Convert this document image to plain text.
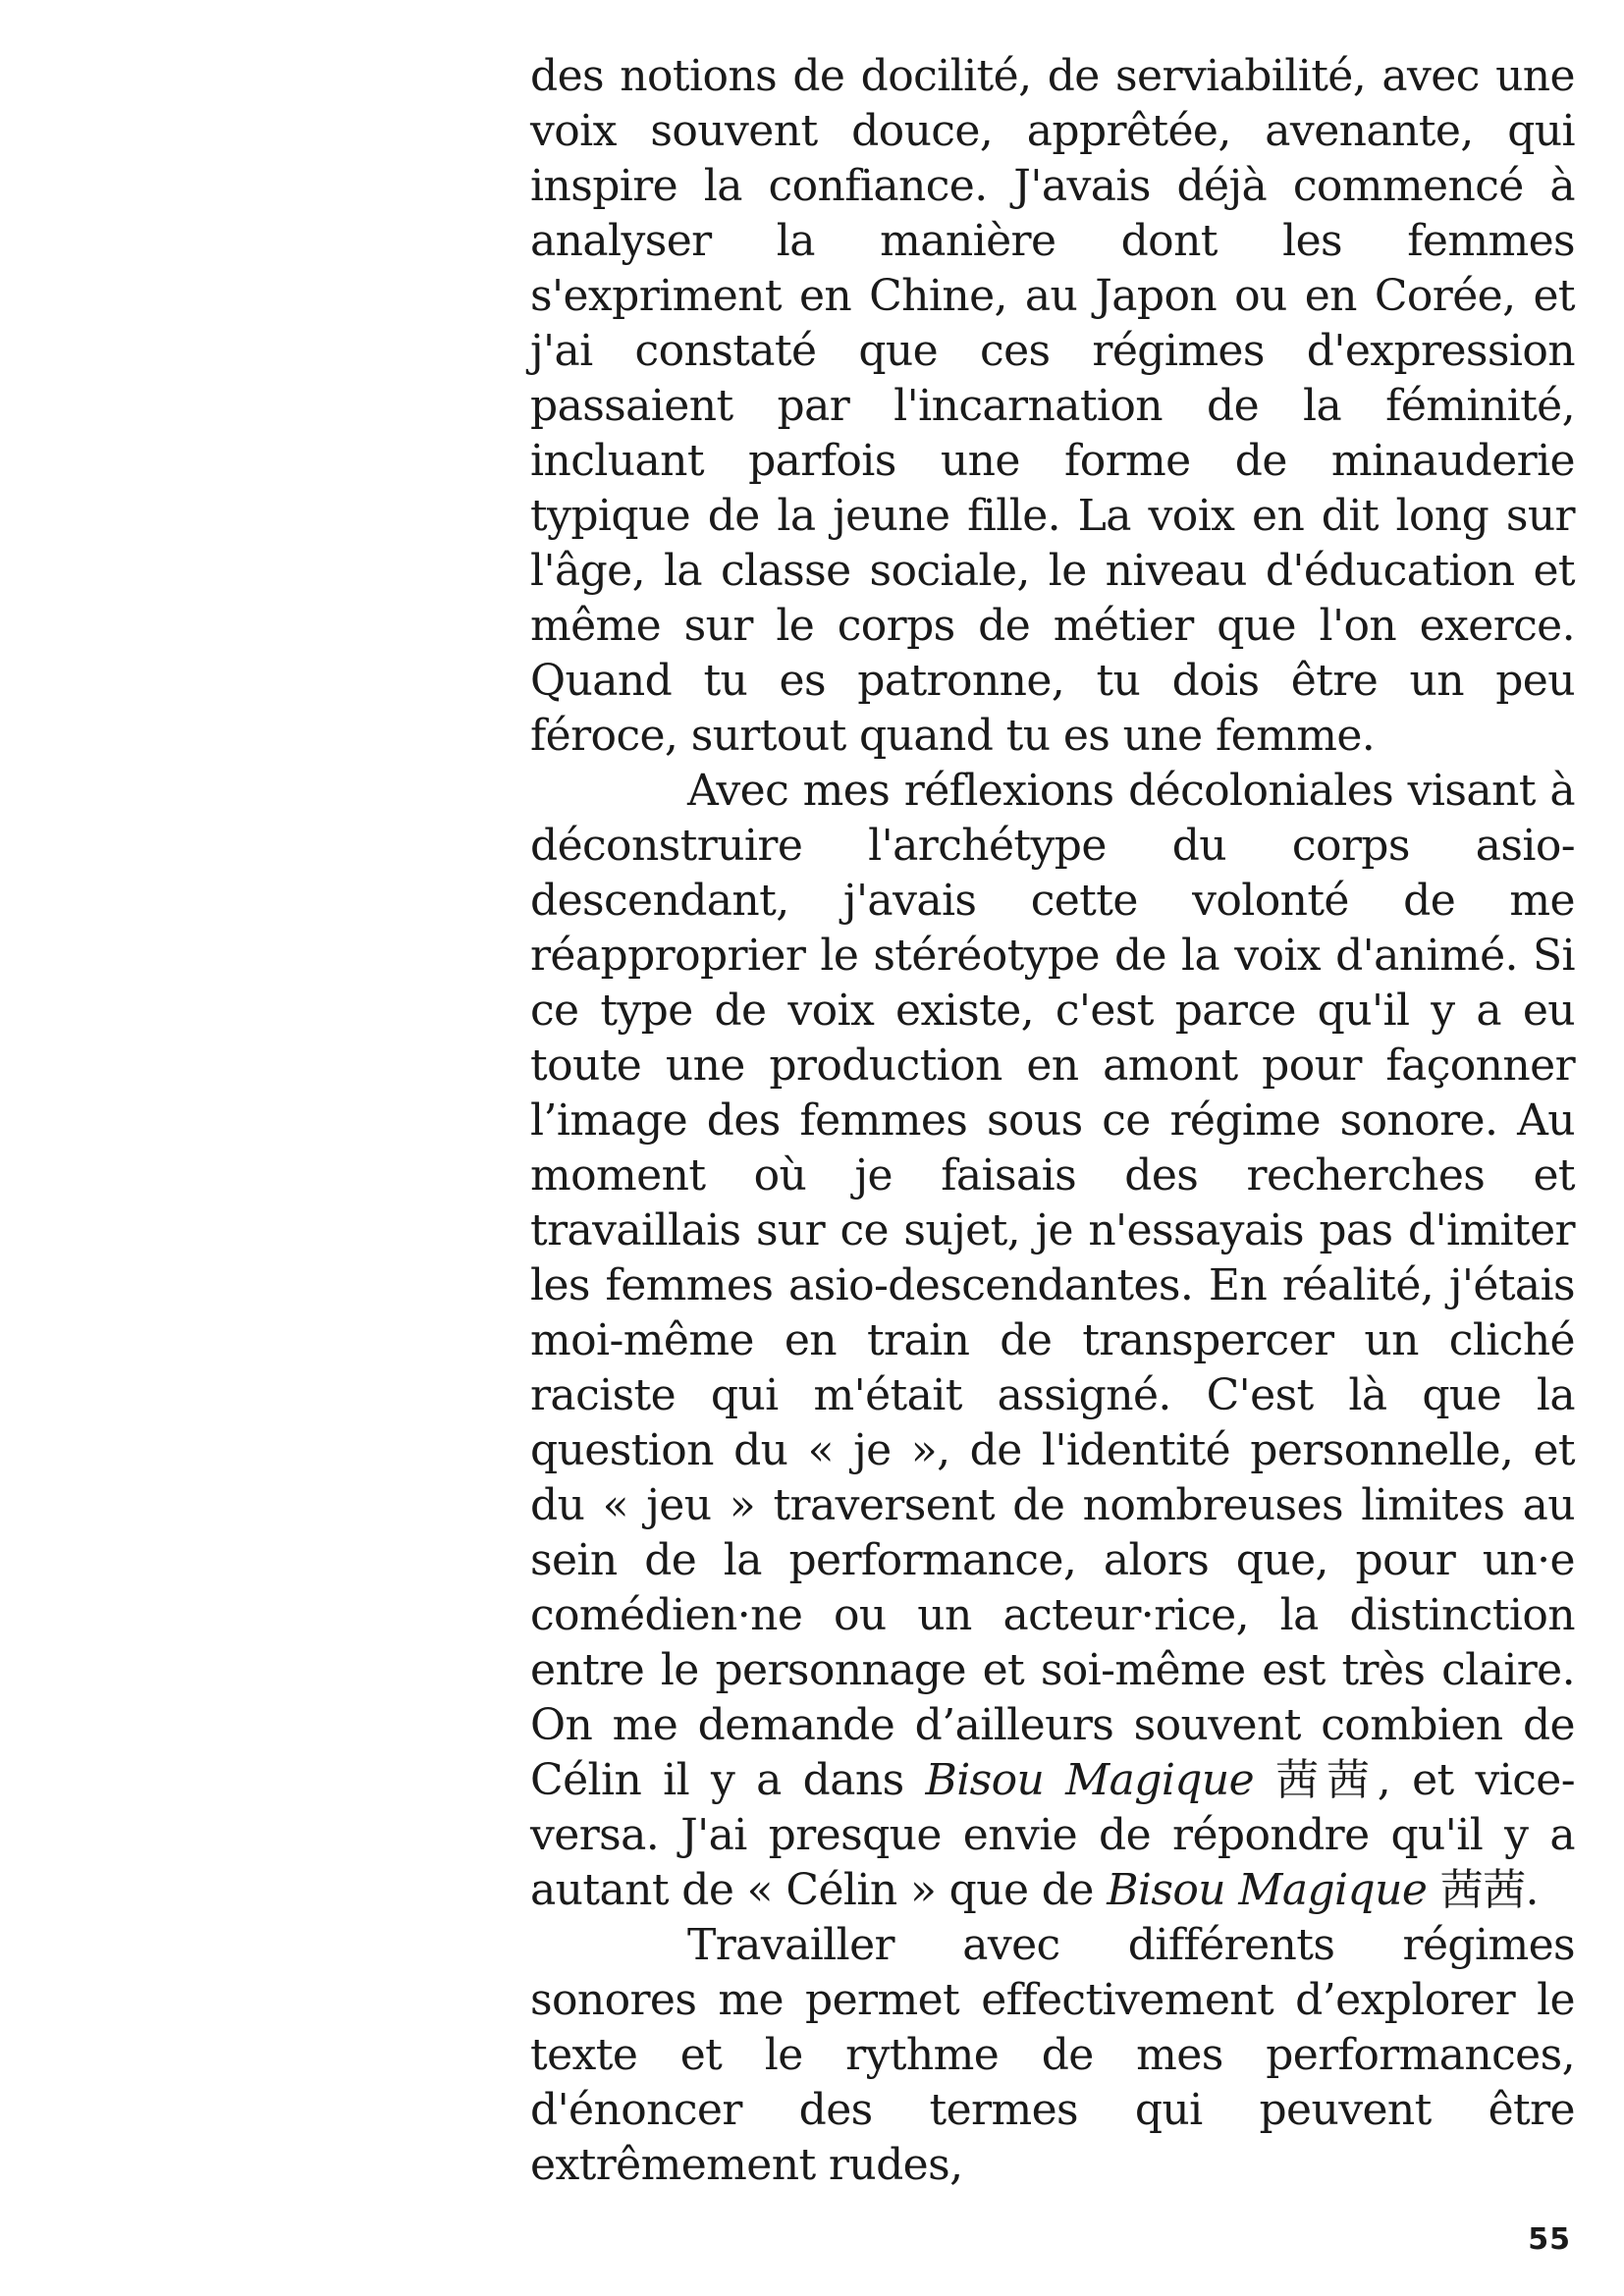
des notions de docilité, de serviabilité, avec une voix souvent douce, apprêtée, avenante, qui inspire la confiance. J'avais déjà commencé à analyser la manière dont les femmes s'expriment en Chine, au Japon ou en Corée, et j'ai constaté que ces régimes d'expression passaient par l'incarnation de la féminité, incluant parfois une forme de minauderie typique de la jeune fille. La voix en dit long sur l'âge, la classe sociale, le niveau d'éducation et même sur le corps de métier que l'on exerce. Quand tu es patronne, tu dois être un peu féroce, surtout quand tu es une femme.

Avec mes réflexions décoloniales visant à déconstruire l'archétype du corps asio-descendant, j'avais cette volonté de me réapproprier le stéréotype de la voix d'animé. Si ce type de voix existe, c'est parce qu'il y a eu toute une production en amont pour façonner l’image des femmes sous ce régime sonore. Au moment où je faisais des recherches et travaillais sur ce sujet, je n'essayais pas d'imiter les femmes asio-descendantes. En réalité, j'étais moi-même en train de transpercer un cliché raciste qui m'était assigné. C'est là que la question du « je », de l'identité personnelle, et du « jeu » traversent de nombreuses limites au sein de la performance, alors que, pour un·e comédien·ne ou un acteur·rice, la distinction entre le personnage et soi-même est très claire. On me demande d’ailleurs souvent combien de Célin il y a dans Bisou Magique 茜茜, et vice-versa. J'ai presque envie de répondre qu'il y a autant de « Célin » que de Bisou Magique 茜茜.

Travailler avec différents régimes sonores me permet effectivement d’explorer le texte et le rythme de mes performances, d'énoncer des termes qui peuvent être extrêmement rudes,

55
